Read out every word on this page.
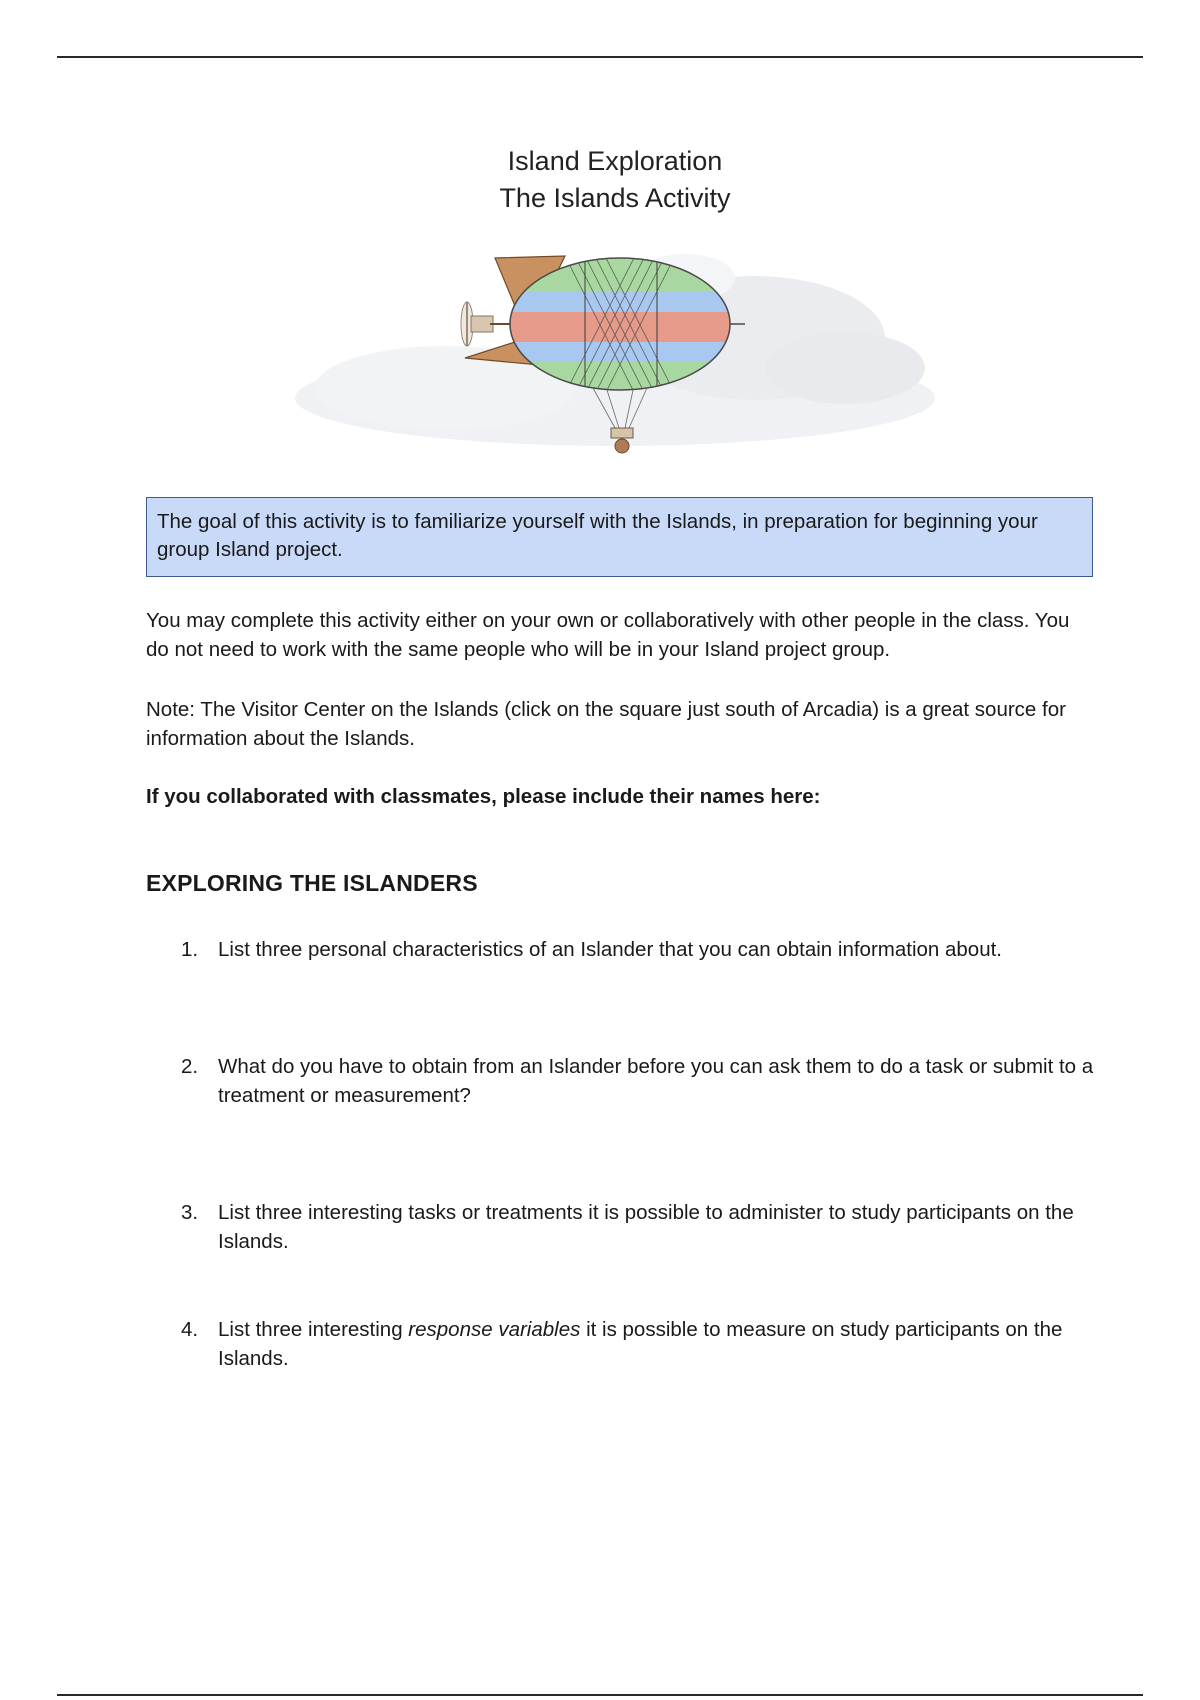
Island Exploration
The Islands Activity
The goal of this activity is to familiarize yourself with the Islands, in preparation for beginning your group Island project.
You may complete this activity either on your own or collaboratively with other people in the class. You do not need to work with the same people who will be in your Island project group.
Note: The Visitor Center on the Islands (click on the square just south of Arcadia) is a great source for information about the Islands.
If you collaborated with classmates, please include their names here:
EXPLORING THE ISLANDERS
1. List three personal characteristics of an Islander that you can obtain information about.
2. What do you have to obtain from an Islander before you can ask them to do a task or submit to a treatment or measurement?
3. List three interesting tasks or treatments it is possible to administer to study participants on the Islands.
4. List three interesting response variables it is possible to measure on study participants on the Islands.
